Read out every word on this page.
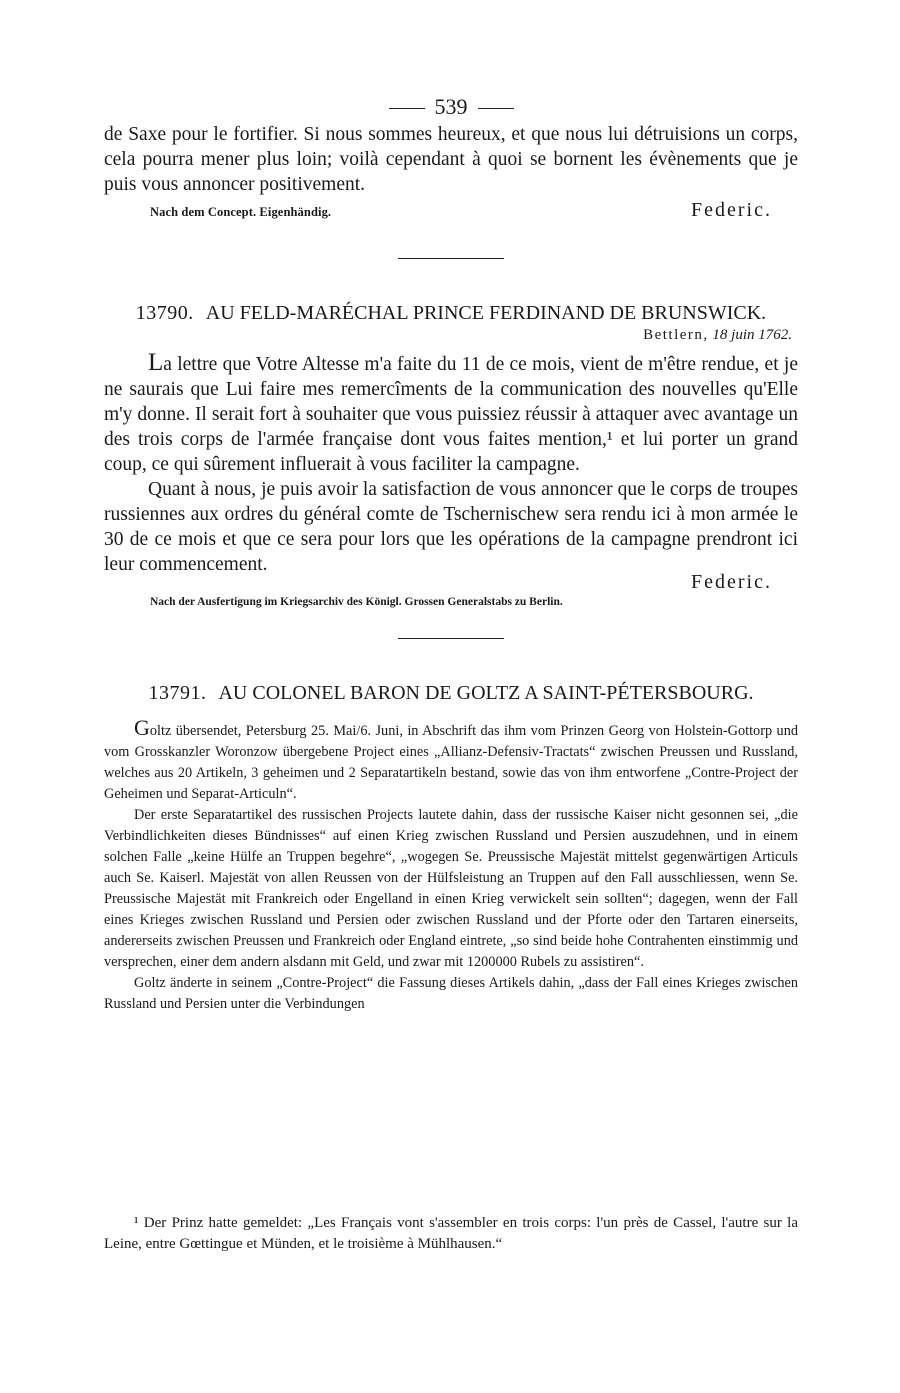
539

de Saxe pour le fortifier. Si nous sommes heureux, et que nous lui détruisions un corps, cela pourra mener plus loin; voilà cependant à quoi se bornent les évènements que je puis vous annoncer positivement.

Nach dem Concept. Eigenhändig.	Federic.
13790. AU FELD-MARÉCHAL PRINCE FERDINAND DE BRUNSWICK.
Bettlern, 18 juin 1762.

La lettre que Votre Altesse m'a faite du 11 de ce mois, vient de m'être rendue, et je ne saurais que Lui faire mes remercîments de la communication des nouvelles qu'Elle m'y donne. Il serait fort à souhaiter que vous puissiez réussir à attaquer avec avantage un des trois corps de l'armée française dont vous faites mention,¹ et lui porter un grand coup, ce qui sûrement influerait à vous faciliter la campagne.

Quant à nous, je puis avoir la satisfaction de vous annoncer que le corps de troupes russiennes aux ordres du général comte de Tschernischew sera rendu ici à mon armée le 30 de ce mois et que ce sera pour lors que les opérations de la campagne prendront ici leur commencement.

Federic.
Nach der Ausfertigung im Kriegsarchiv des Königl. Grossen Generalstabs zu Berlin.
13791. AU COLONEL BARON DE GOLTZ A SAINT-PÉTERSBOURG.

Goltz übersendet, Petersburg 25. Mai/6. Juni, in Abschrift das ihm vom Prinzen Georg von Holstein-Gottorp und vom Grosskanzler Woronzow übergebene Project eines „Allianz-Defensiv-Tractats“ zwischen Preussen und Russland, welches aus 20 Artikeln, 3 geheimen und 2 Separatartikeln bestand, sowie das von ihm entworfene „Contre-Project der Geheimen und Separat-Articuln“.

Der erste Separatartikel des russischen Projects lautete dahin, dass der russische Kaiser nicht gesonnen sei, „die Verbindlichkeiten dieses Bündnisses“ auf einen Krieg zwischen Russland und Persien auszudehnen, und in einem solchen Falle „keine Hülfe an Truppen begehre“, „wogegen Se. Preussische Majestät mittelst gegenwärtigen Articuls auch Se. Kaiserl. Majestät von allen Reussen von der Hülfsleistung an Truppen auf den Fall ausschliessen, wenn Se. Preussische Majestät mit Frankreich oder Engelland in einen Krieg verwickelt sein sollten“; dagegen, wenn der Fall eines Krieges zwischen Russland und Persien oder zwischen Russland und der Pforte oder den Tartaren einerseits, andererseits zwischen Preussen und Frankreich oder England eintrete, „so sind beide hohe Contrahenten einstimmig und versprechen, einer dem andern alsdann mit Geld, und zwar mit 1200000 Rubels zu assistiren“.

Goltz änderte in seinem „Contre-Project“ die Fassung dieses Artikels dahin, „dass der Fall eines Krieges zwischen Russland und Persien unter die Verbindungen

¹ Der Prinz hatte gemeldet: „Les Français vont s'assembler en trois corps: l'un près de Cassel, l'autre sur la Leine, entre Gœttingue et Münden, et le troisième à Mühlhausen.“
